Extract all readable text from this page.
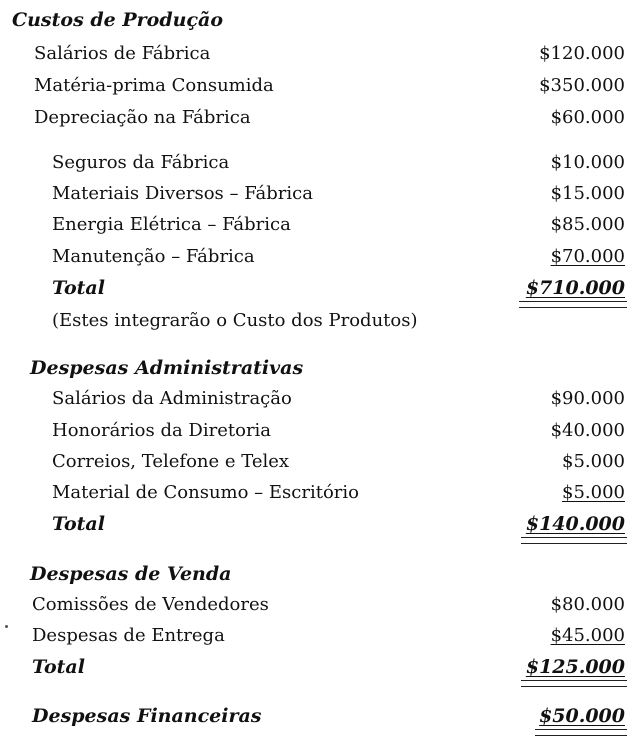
Custos de Produção
Salários de Fábrica	$120.000
Matéria-prima Consumida	$350.000
Depreciação na Fábrica	$60.000
Seguros da Fábrica	$10.000
Materiais Diversos – Fábrica	$15.000
Energia Elétrica – Fábrica	$85.000
Manutenção – Fábrica	$70.000
Total	$710.000
(Estes integrarão o Custo dos Produtos)
Despesas Administrativas
Salários da Administração	$90.000
Honorários da Diretoria	$40.000
Correios, Telefone e Telex	$5.000
Material de Consumo – Escritório	$5.000
Total	$140.000
Despesas de Venda
Comissões de Vendedores	$80.000
Despesas de Entrega	$45.000
Total	$125.000
Despesas Financeiras	$50.000
